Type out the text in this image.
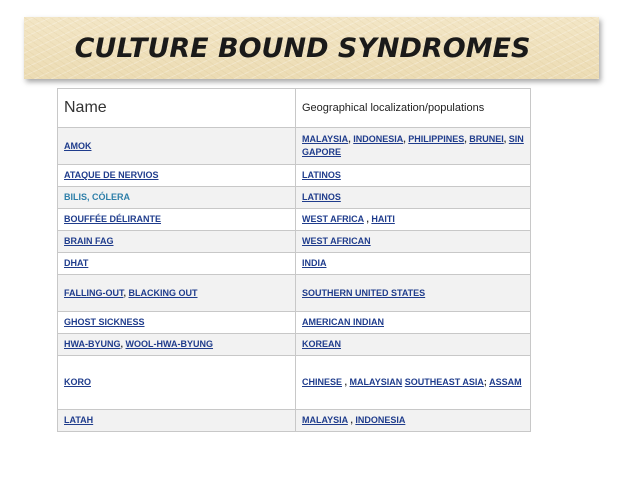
CULTURE BOUND SYNDROMES
Name	Geographical localization/populations
AMOK	MALAYSIA, INDONESIA, PHILIPPINES, BRUNEI, SINGAPORE
ATAQUE DE NERVIOS	LATINOS
BILIS, CÓLERA	LATINOS
BOUFFÉE DÉLIRANTE	WEST AFRICA , HAITI
BRAIN FAG	WEST AFRICAN
DHAT	INDIA
FALLING-OUT, BLACKING OUT	SOUTHERN UNITED STATES
GHOST SICKNESS	AMERICAN INDIAN
HWA-BYUNG, WOOL-HWA-BYUNG	KOREAN
KORO	CHINESE , MALAYSIAN SOUTHEAST ASIA; ASSAM
LATAH	MALAYSIA , INDONESIA
